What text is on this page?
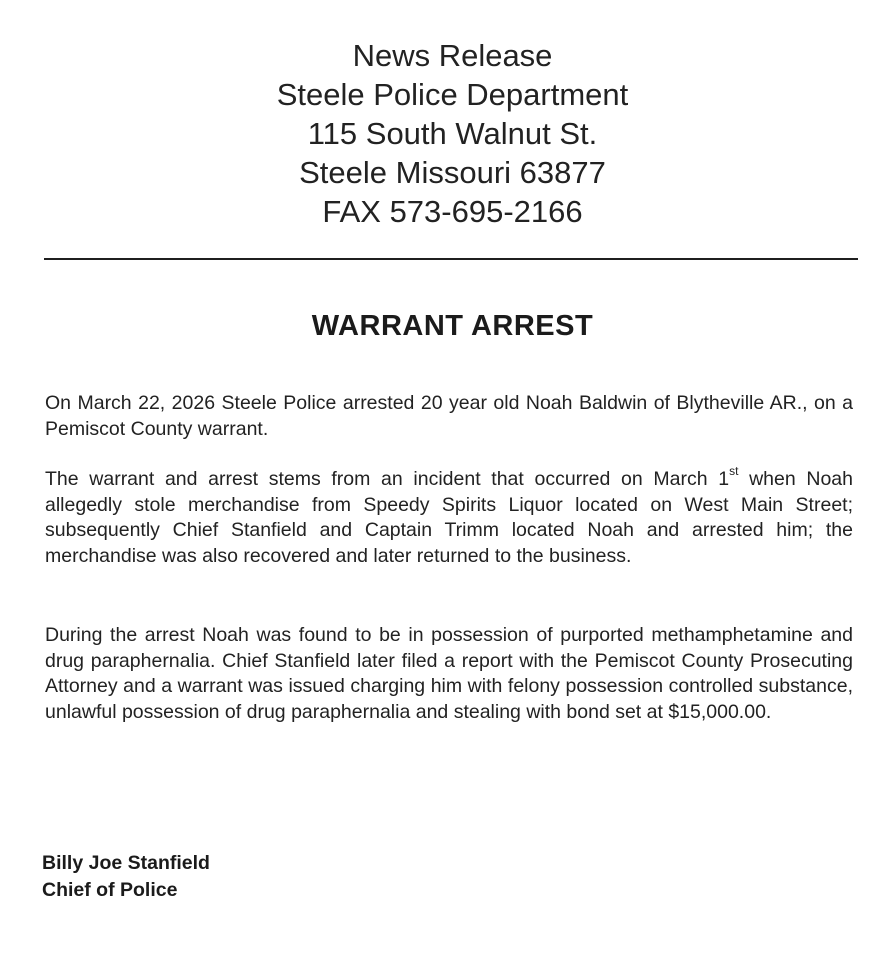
News Release
Steele Police Department
115 South Walnut St.
Steele Missouri 63877
FAX 573-695-2166
WARRANT ARREST

On March 22, 2026 Steele Police arrested 20 year old Noah Baldwin of Blytheville AR., on a Pemiscot County warrant.

The warrant and arrest stems from an incident that occurred on March 1st when Noah allegedly stole merchandise from Speedy Spirits Liquor located on West Main Street; subsequently Chief Stanfield and Captain Trimm located Noah and arrested him; the merchandise was also recovered and later returned to the business.

During the arrest Noah was found to be in possession of purported methamphetamine and drug paraphernalia. Chief Stanfield later filed a report with the Pemiscot County Prosecuting Attorney and a warrant was issued charging him with felony possession controlled substance, unlawful possession of drug paraphernalia and stealing with bond set at $15,000.00.

Billy Joe Stanfield
Chief of Police
